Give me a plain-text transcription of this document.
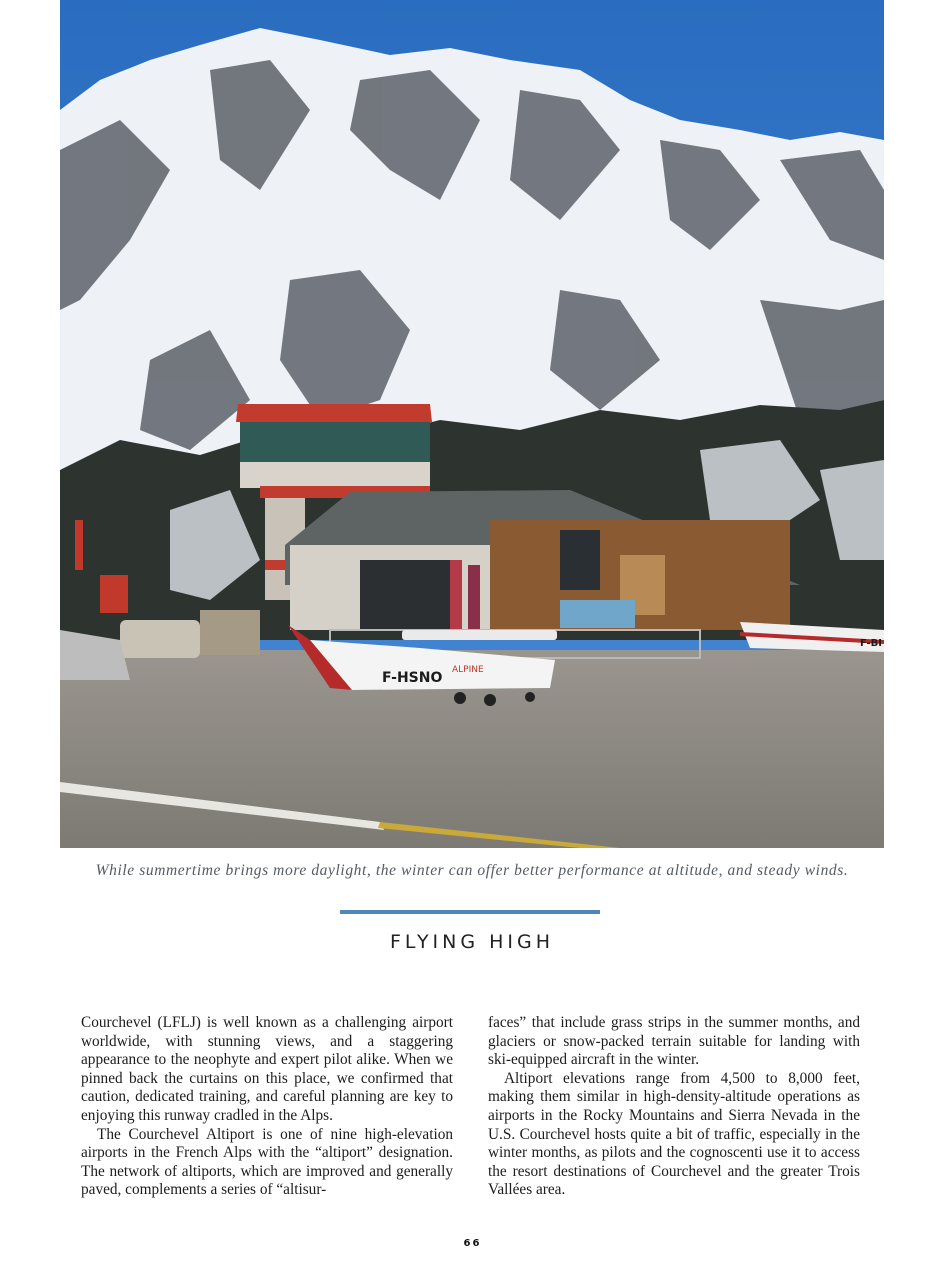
F-HSNO ALPINE
F-BI
While summertime brings more daylight, the winter can offer better performance at altitude, and steady winds.
FLYING HIGH

Courchevel (LFLJ) is well known as a challenging airport worldwide, with stunning views, and a staggering appearance to the neophyte and expert pilot alike. When we pinned back the curtains on this place, we confirmed that caution, dedicated training, and careful planning are key to enjoying this runway cradled in the Alps.

The Courchevel Altiport is one of nine high-elevation airports in the French Alps with the “altiport” designation. The network of altiports, which are improved and generally paved, complements a series of “altisur-

faces” that include grass strips in the summer months, and glaciers or snow-packed terrain suitable for landing with ski-equipped aircraft in the winter.

Altiport elevations range from 4,500 to 8,000 feet, making them similar in high-density-altitude operations as airports in the Rocky Mountains and Sierra Nevada in the U.S. Courchevel hosts quite a bit of traffic, especially in the winter months, as pilots and the cognoscenti use it to access the resort destinations of Courchevel and the greater Trois Vallées area.

66
